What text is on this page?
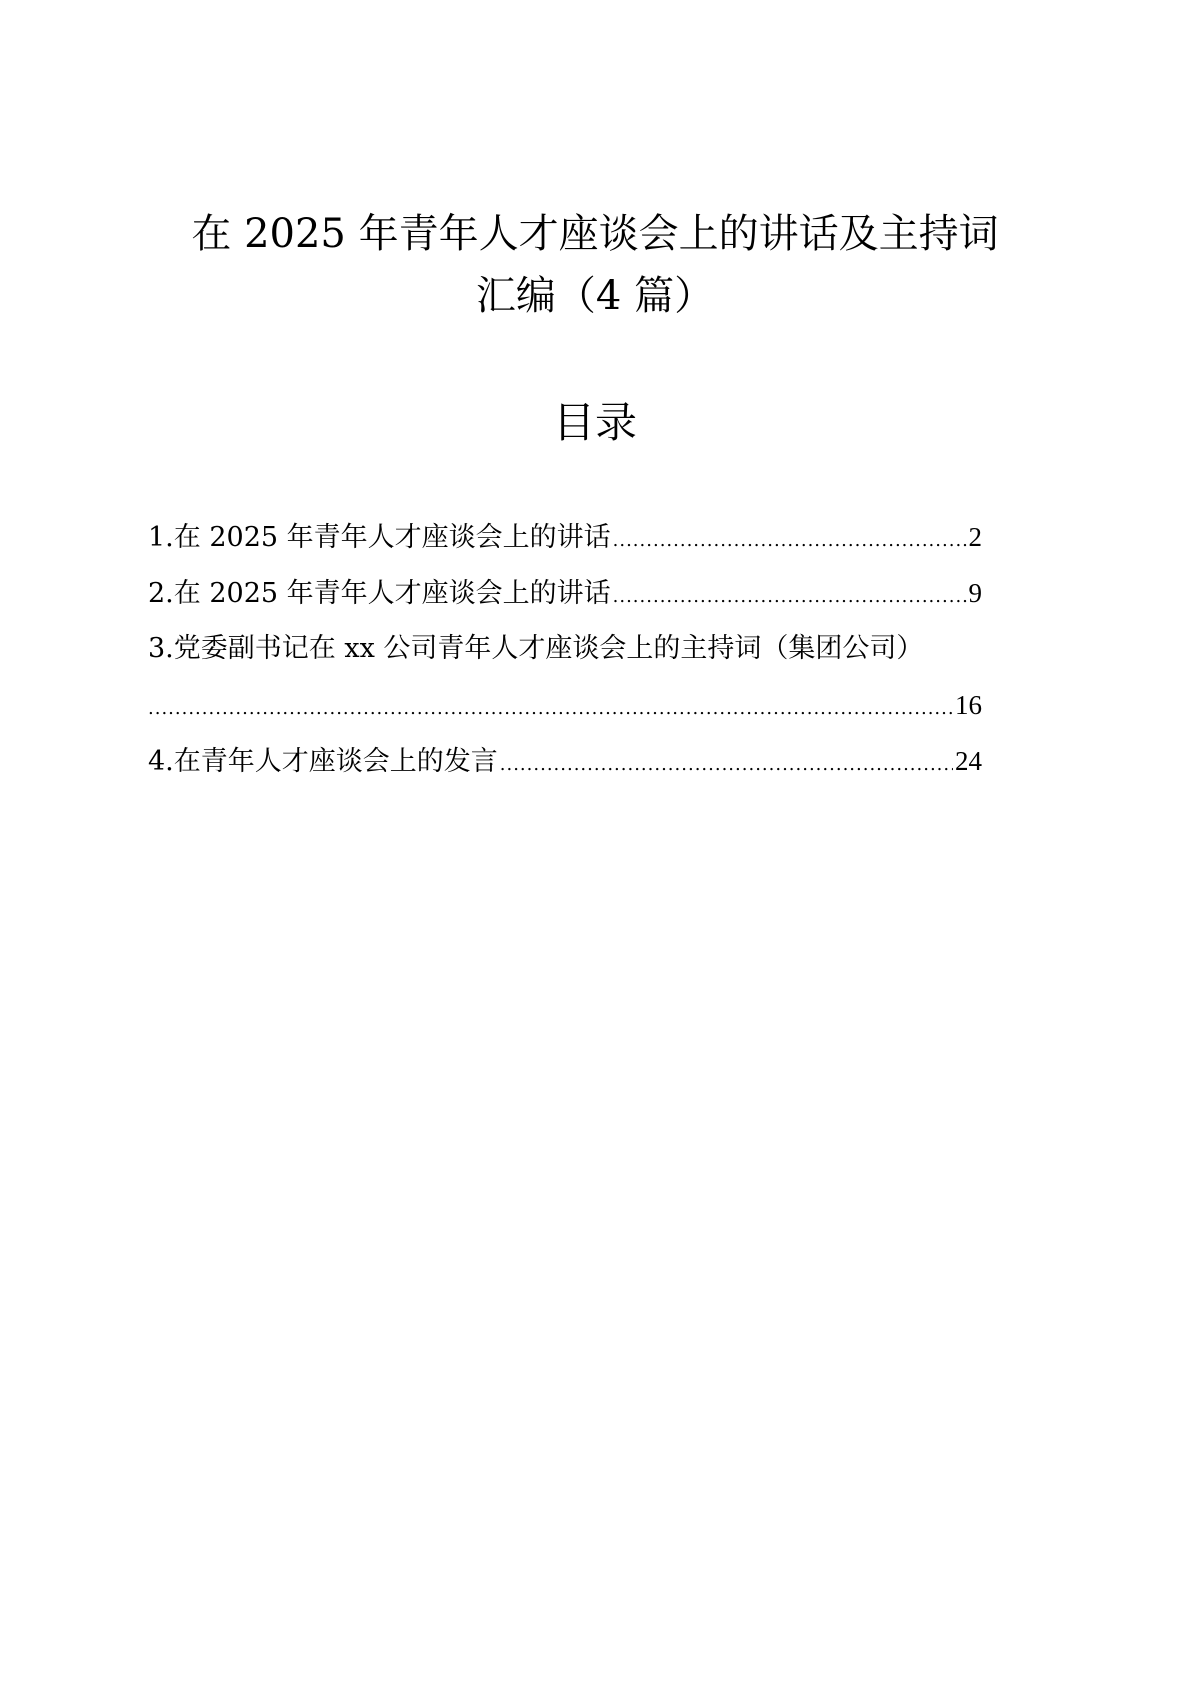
在 2025 年青年人才座谈会上的讲话及主持词
汇编（4 篇）
目录
1.在 2025 年青年人才座谈会上的讲话 .....	2
2.在 2025 年青年人才座谈会上的讲话 .....	9
3.党委副书记在 xx 公司青年人才座谈会上的主持词（集团公司）
.....
16
4.在青年人才座谈会上的发言 .....	24
